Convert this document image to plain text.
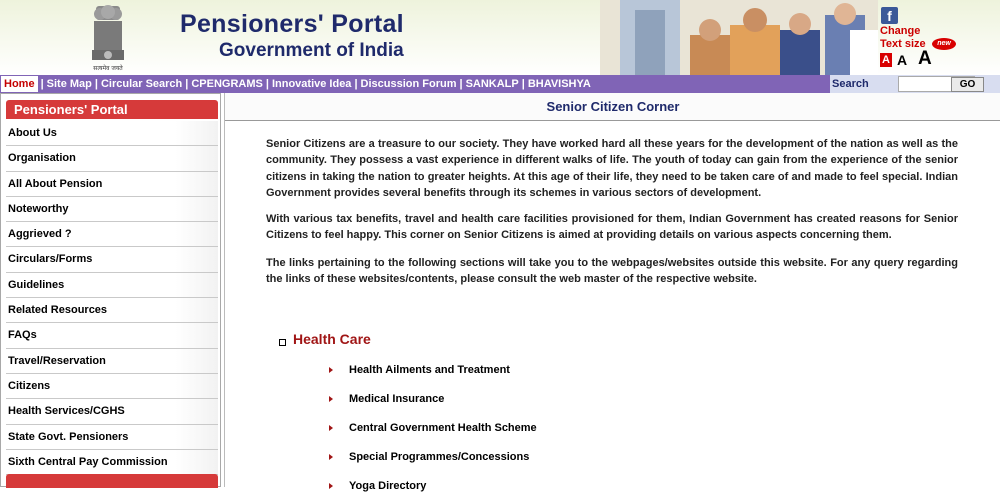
सत्यमेव जयते
Pensioners' Portal
Government of India
f
Change
Text size	new
A A A
Home | Site Map | Circular Search | CPENGRAMS | Innovative Idea | Discussion Forum | SANKALP | BHAVISHYA	Search	GO
Pensioners' Portal
About Us
Organisation
All About Pension
Noteworthy
Aggrieved ?
Circulars/Forms
Guidelines
Related Resources
FAQs
Travel/Reservation
Citizens
Health Services/CGHS
State Govt. Pensioners
Sixth Central Pay Commission
Senior Citizen Corner
Senior Citizens are a treasure to our society. They have worked hard all these years for the development of the nation as well as the community. They possess a vast experience in different walks of life. The youth of today can gain from the experience of the senior citizens in taking the nation to greater heights. At this age of their life, they need to be taken care of and made to feel special. Indian Government provides several benefits through its schemes in various sectors of development.
With various tax benefits, travel and health care facilities provisioned for them, Indian Government has created reasons for Senior Citizens to feel happy. This corner on Senior Citizens is aimed at providing details on various aspects concerning them.
The links pertaining to the following sections will take you to the webpages/websites outside this website. For any query regarding the links of these websites/contents, please consult the web master of the respective website.
Health Care
Health Ailments and Treatment
Medical Insurance
Central Government Health Scheme
Special Programmes/Concessions
Yoga Directory
